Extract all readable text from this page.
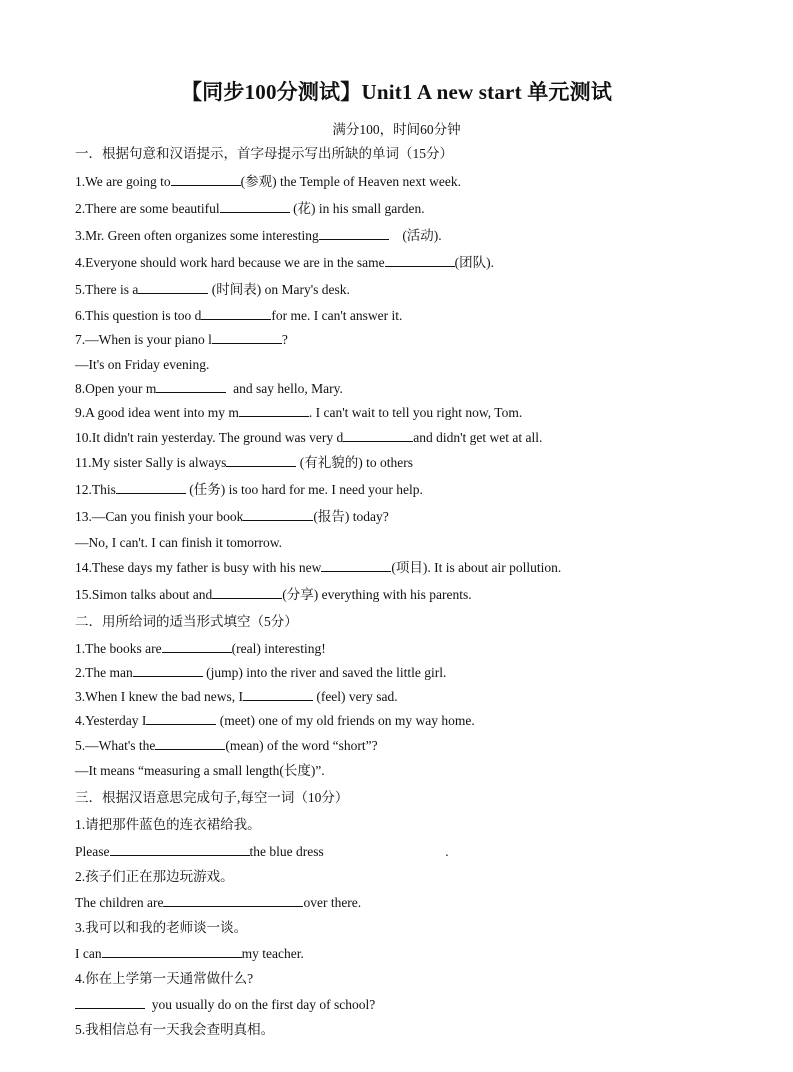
【同步100分测试】Unit1 A new start 单元测试
满分100，时间60分钟
一．根据句意和汉语提示，首字母提示写出所缺的单词（15分）
1.We are going to	(参观) the Temple of Heaven next week.
2.There are some beautiful	(花) in his small garden.
3.Mr. Green often organizes some interesting	(活动).
4.Everyone should work hard because we are in the same	(团队).
5.There is a	(时间表) on Mary's desk.
6.This question is too d	for me. I can't answer it.
7.—When is your piano l	?
—It's on Friday evening.
8.Open your m	and say hello, Mary.
9.A good idea went into my m	. I can't wait to tell you right now, Tom.
10.It didn't rain yesterday. The ground was very d	and didn't get wet at all.
11.My sister Sally is always	(有礼貌的) to others
12.This	(任务) is too hard for me. I need your help.
13.—Can you finish your book	(报告) today?
—No, I can't. I can finish it tomorrow.
14.These days my father is busy with his new	(项目). It is about air pollution.
15.Simon talks about and	(分享) everything with his parents.
二．用所给词的适当形式填空（5分）
1.The books are	(real) interesting!
2.The man	(jump) into the river and saved the little girl.
3.When I knew the bad news, I	(feel) very sad.
4.Yesterday I	(meet) one of my old friends on my way home.
5.—What's the	(mean) of the word “short”?
—It means “measuring a small length(长度)”.
三．根据汉语意思完成句子,每空一词（10分）
1.请把那件蓝色的连衣裙给我。
Please	the blue dress                                    .
2.孩子们正在那边玩游戏。
The children are	over there.
3.我可以和我的老师谈一谈。
I can	my teacher.
4.你在上学第一天通常做什么?
you usually do on the first day of school?
5.我相信总有一天我会查明真相。
